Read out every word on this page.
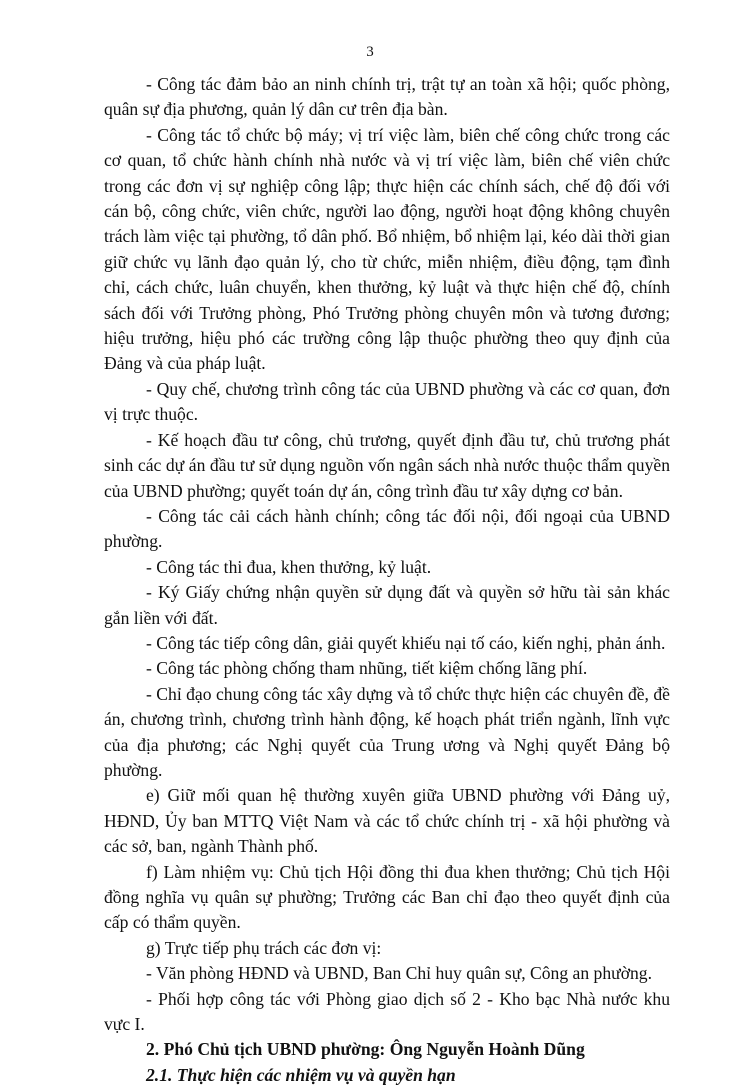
3

- Công tác đảm bảo an ninh chính trị, trật tự an toàn xã hội; quốc phòng, quân sự địa phương, quản lý dân cư trên địa bàn.

- Công tác tổ chức bộ máy; vị trí việc làm, biên chế công chức trong các cơ quan, tổ chức hành chính nhà nước và vị trí việc làm, biên chế viên chức trong các đơn vị sự nghiệp công lập; thực hiện các chính sách, chế độ đối với cán bộ, công chức, viên chức, người lao động, người hoạt động không chuyên trách làm việc tại phường, tổ dân phố. Bổ nhiệm, bổ nhiệm lại, kéo dài thời gian giữ chức vụ lãnh đạo quản lý, cho từ chức, miễn nhiệm, điều động, tạm đình chỉ, cách chức, luân chuyển, khen thưởng, kỷ luật và thực hiện chế độ, chính sách đối với Trưởng phòng, Phó Trưởng phòng chuyên môn và tương đương; hiệu trưởng, hiệu phó các trường công lập thuộc phường theo quy định của Đảng và của pháp luật.

- Quy chế, chương trình công tác của UBND phường và các cơ quan, đơn vị trực thuộc.

- Kế hoạch đầu tư công, chủ trương, quyết định đầu tư, chủ trương phát sinh các dự án đầu tư sử dụng nguồn vốn ngân sách nhà nước thuộc thẩm quyền của UBND phường; quyết toán dự án, công trình đầu tư xây dựng cơ bản.

- Công tác cải cách hành chính; công tác đối nội, đối ngoại của UBND phường.

- Công tác thi đua, khen thưởng, kỷ luật.

- Ký Giấy chứng nhận quyền sử dụng đất và quyền sở hữu tài sản khác gắn liền với đất.

- Công tác tiếp công dân, giải quyết khiếu nại tố cáo, kiến nghị, phản ánh.

- Công tác phòng chống tham nhũng, tiết kiệm chống lãng phí.

- Chỉ đạo chung công tác xây dựng và tổ chức thực hiện các chuyên đề, đề án, chương trình, chương trình hành động, kế hoạch phát triển ngành, lĩnh vực của địa phương; các Nghị quyết của Trung ương và Nghị quyết Đảng bộ phường.

e) Giữ mối quan hệ thường xuyên giữa UBND phường với Đảng uỷ, HĐND, Ủy ban MTTQ Việt Nam và các tổ chức chính trị - xã hội phường và các sở, ban, ngành Thành phố.

f) Làm nhiệm vụ: Chủ tịch Hội đồng thi đua khen thưởng; Chủ tịch Hội đồng nghĩa vụ quân sự phường; Trưởng các Ban chỉ đạo theo quyết định của cấp có thẩm quyền.

g) Trực tiếp phụ trách các đơn vị:

- Văn phòng HĐND và UBND, Ban Chỉ huy quân sự, Công an phường.

- Phối hợp công tác với Phòng giao dịch số 2 - Kho bạc Nhà nước khu vực I.

2. Phó Chủ tịch UBND phường: Ông Nguyễn Hoành Dũng

2.1. Thực hiện các nhiệm vụ và quyền hạn
